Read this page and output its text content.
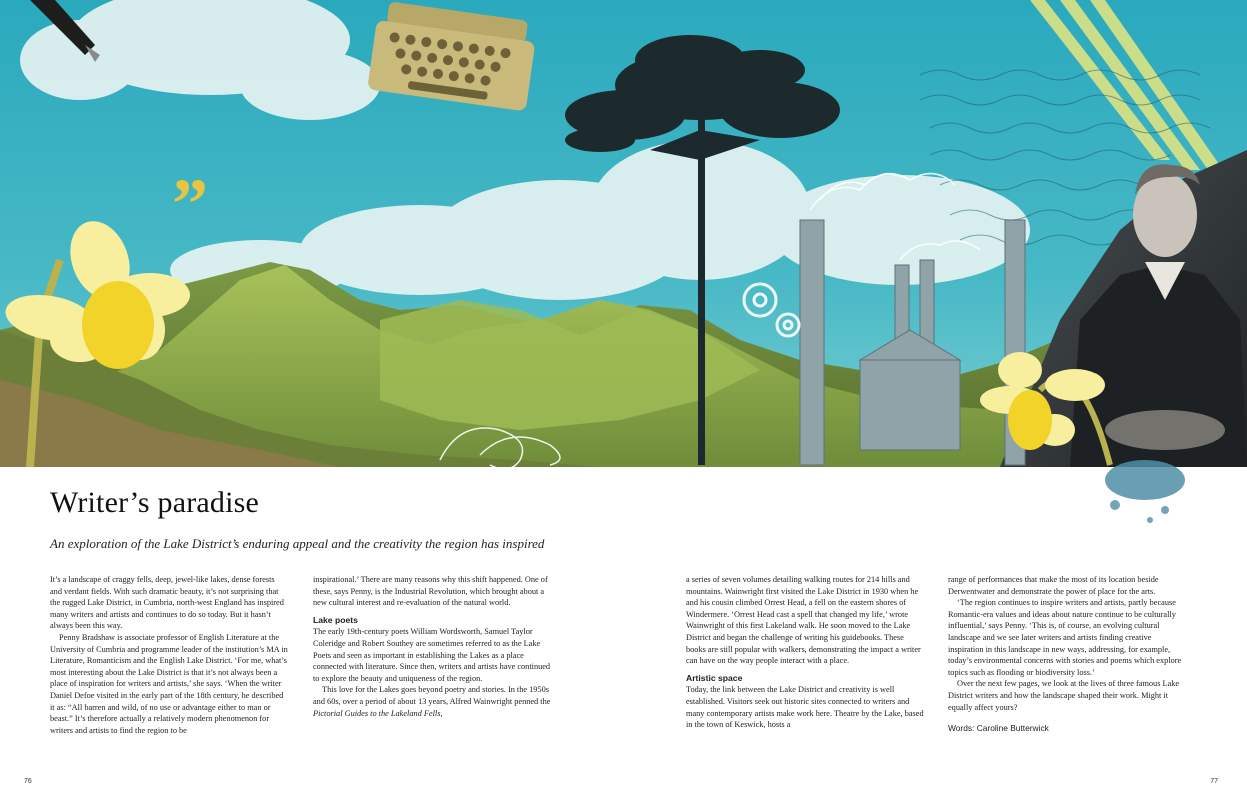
”
Writer’s paradise

An exploration of the Lake District’s enduring appeal and the creativity the region has inspired

It’s a landscape of craggy fells, deep, jewel-like lakes, dense forests and verdant fields. With such dramatic beauty, it’s not surprising that the rugged Lake District, in Cumbria, north-west England has inspired many writers and artists and continues to do so today. But it hasn’t always been this way.

Penny Bradshaw is associate professor of English Literature at the University of Cumbria and programme leader of the institution’s MA in Literature, Romanticism and the English Lake District. ‘For me, what’s most interesting about the Lake District is that it’s not always been a place of inspiration for writers and artists,’ she says. ‘When the writer Daniel Defoe visited in the early part of the 18th century, he described it as: “All barren and wild, of no use or advantage either to man or beast.” It’s therefore actually a relatively modern phenomenon for writers and artists to find the region to be

inspirational.’ There are many reasons why this shift happened. One of these, says Penny, is the Industrial Revolution, which brought about a new cultural interest and re-evaluation of the natural world.

Lake poets

The early 19th-century poets William Wordsworth, Samuel Taylor Coleridge and Robert Southey are sometimes referred to as the Lake Poets and seen as important in establishing the Lakes as a place connected with literature. Since then, writers and artists have continued to explore the beauty and uniqueness of the region.

This love for the Lakes goes beyond poetry and stories. In the 1950s and 60s, over a period of about 13 years, Alfred Wainwright penned the Pictorial Guides to the Lakeland Fells,

a series of seven volumes detailing walking routes for 214 hills and mountains. Wainwright first visited the Lake District in 1930 when he and his cousin climbed Orrest Head, a fell on the eastern shores of Windermere. ‘Orrest Head cast a spell that changed my life,’ wrote Wainwright of this first Lakeland walk. He soon moved to the Lake District and began the challenge of writing his guidebooks. These books are still popular with walkers, demonstrating the impact a writer can have on the way people interact with a place.

Artistic space

Today, the link between the Lake District and creativity is well established. Visitors seek out historic sites connected to writers and many contemporary artists make work here. Theatre by the Lake, based in the town of Keswick, hosts a

range of performances that make the most of its location beside Derwentwater and demonstrate the power of place for the arts.

‘The region continues to inspire writers and artists, partly because Romantic-era values and ideas about nature continue to be culturally influential,’ says Penny. ‘This is, of course, an evolving cultural landscape and we see later writers and artists finding creative inspiration in this landscape in new ways, addressing, for example, today’s environmental concerns with stories and poems which explore topics such as flooding or biodiversity loss.’

Over the next few pages, we look at the lives of three famous Lake District writers and how the landscape shaped their work. Might it equally affect yours?

Words: Caroline Butterwick

76	77
